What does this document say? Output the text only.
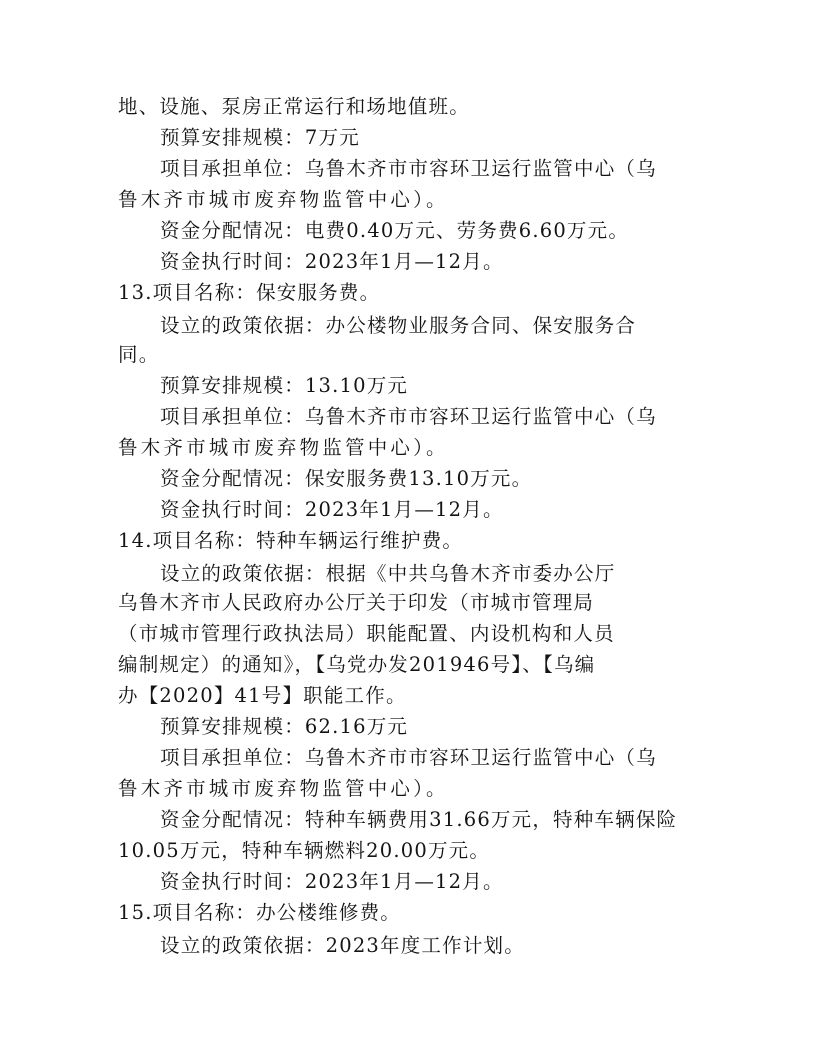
地、设施、泵房正常运行和场地值班。
预算安排规模：7万元
项目承担单位：乌鲁木齐市市容环卫运行监管中心（乌
鲁木齐市城市废弃物监管中心）。
资金分配情况：电费0.40万元、劳务费6.60万元。
资金执行时间：2023年1月—12月。
13.项目名称：保安服务费。
设立的政策依据：办公楼物业服务合同、保安服务合
同。
预算安排规模：13.10万元
项目承担单位：乌鲁木齐市市容环卫运行监管中心（乌
鲁木齐市城市废弃物监管中心）。
资金分配情况：保安服务费13.10万元。
资金执行时间：2023年1月—12月。
14.项目名称：特种车辆运行维护费。
设立的政策依据：根据《中共乌鲁木齐市委办公厅
乌鲁木齐市人民政府办公厅关于印发（市城市管理局
（市城市管理行政执法局）职能配置、内设机构和人员
编制规定）的通知》，【乌党办发201946号】、【乌编
办【2020】41号】职能工作。
预算安排规模：62.16万元
项目承担单位：乌鲁木齐市市容环卫运行监管中心（乌
鲁木齐市城市废弃物监管中心）。
资金分配情况：特种车辆费用31.66万元，特种车辆保险
10.05万元，特种车辆燃料20.00万元。
资金执行时间：2023年1月—12月。
15.项目名称：办公楼维修费。
设立的政策依据：2023年度工作计划。
